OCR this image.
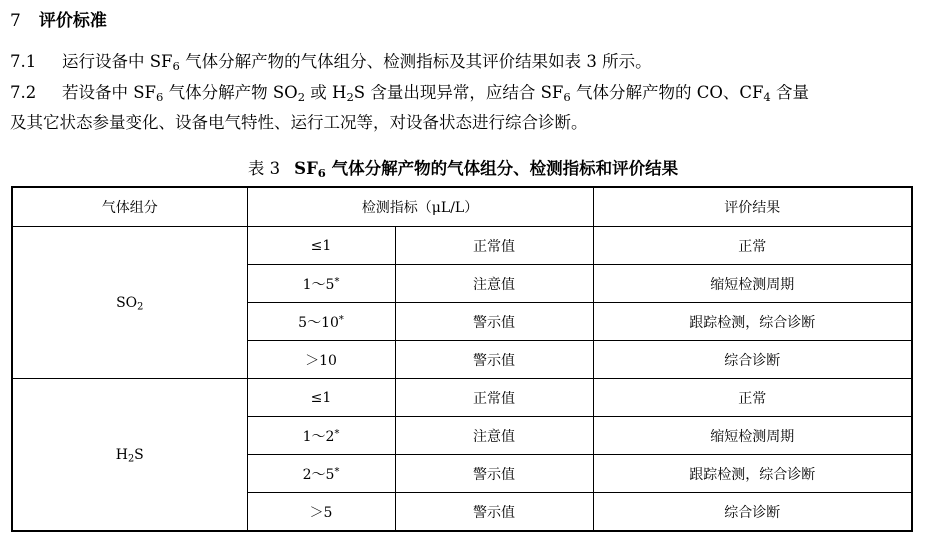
7 评价标准
7.1 运行设备中 $SF_6$ 气体分解产物的气体组分、检测指标及其评价结果如表 3 所示。
7.2 若设备中 $SF_6$ 气体分解产物 $SO_2$ 或 $H_2S$ 含量出现异常，应结合 $SF_6$ 气体分解产物的 CO、$CF_4$ 含量
及其它状态参量变化、设备电气特性、运行工况等，对设备状态进行综合诊断。
表 3 $SF_6$ 气体分解产物的气体组分、检测指标和评价结果
气体组分	检测指标（μL/L）		评价结果
$SO_2$	≤1	正常值	正常
	1～5*	注意值	缩短检测周期
	5～10*	警示值	跟踪检测，综合诊断
	＞10	警示值	综合诊断
$H_2S$	≤1	正常值	正常
	1～2*	注意值	缩短检测周期
	2～5*	警示值	跟踪检测，综合诊断
	＞5	警示值	综合诊断
